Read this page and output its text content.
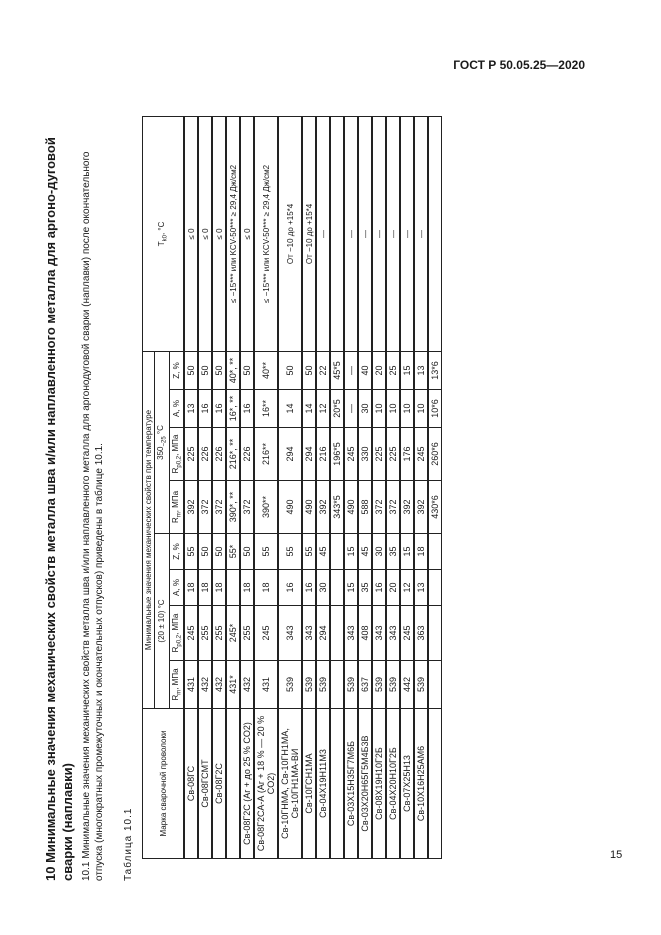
ГОСТ Р 50.05.25—2020
10 Минимальные значения механических свойств металла шва и/или наплавленного металла для аргоно-дуговой сварки (наплавки) 10.1 Минимальные значения механических свойств металла шва и/или наплавленного металла для аргонодуговой сварки (наплавки) после окончательного отпуска (многократных промежуточных и окончательных отпусков) приведены в таблице 10.1. Таблица 10.1
Марка сварочной проволоки	Минимальные значения механических свойств при температуре								$T_{k0}$, °С
	(20 ± 10) °С				$350_{-25}$ °С				
	$R_m$, МПа	$R_{p0,2}$, МПа	A, %	Z, %	$R_m$, МПа	$R_{p0,2}$, МПа	A, %	Z, %	
Св-08ГС	431	245	18	55	392	225	13	50	≤ 0
Св-08ГСМТ	432	255	18	50	372	226	16	50	≤ 0
Св-08Г2С	432	255	18	50	372	226	16	50	≤ 0
	431*	245*		55*	390*, **	216*, **	16*, **	40*, **	≤ −15*** или KCV-50*** ≥ 29,4 Дж/см2
Св-08Г2С (Ar + до 25 % CO2)	432	255	18	50	372	226	16	50	≤ 0
Св-08Г2СА-А (Ar + 18 % — 20 % CO2)	431	245	18	55	390**	216**	16**	40**	≤ −15*** или KCV-50*** ≥ 29,4 Дж/см2
Св-10ГНМА, Св-10ГН1МА, Св-10ГН1МА-ВИ	539	343	16	55	490	294	14	50	От −10 до +15*4
Св-10ГСН1МА	539	343	16	55	490	294	14	50	От −10 до +15*4
Св-04Х19Н11М3	539	294	30	45	392	216	12	22	—
					343*5	196*5	20*5	45*5	
Св-03Х15Н35Г7М6Б	539	343	15	15	490	245	—	—	—
Св-03Х20Н65Г5М4Б3В	637	408	35	45	588	330	30	40	—
Св-08Х19Н10Г2Б	539	343	16	30	372	225	10	20	—
Св-04Х20Н10Г2Б	539	343	20	35	372	225	10	25	—
Св-07Х25Н13	442	245	12	15	392	176	10	15	—
Св-10Х16Н25АМ6	539	363	13	18	392	245	10	13	—
					430*6	260*6	10*6	13*6	
15
